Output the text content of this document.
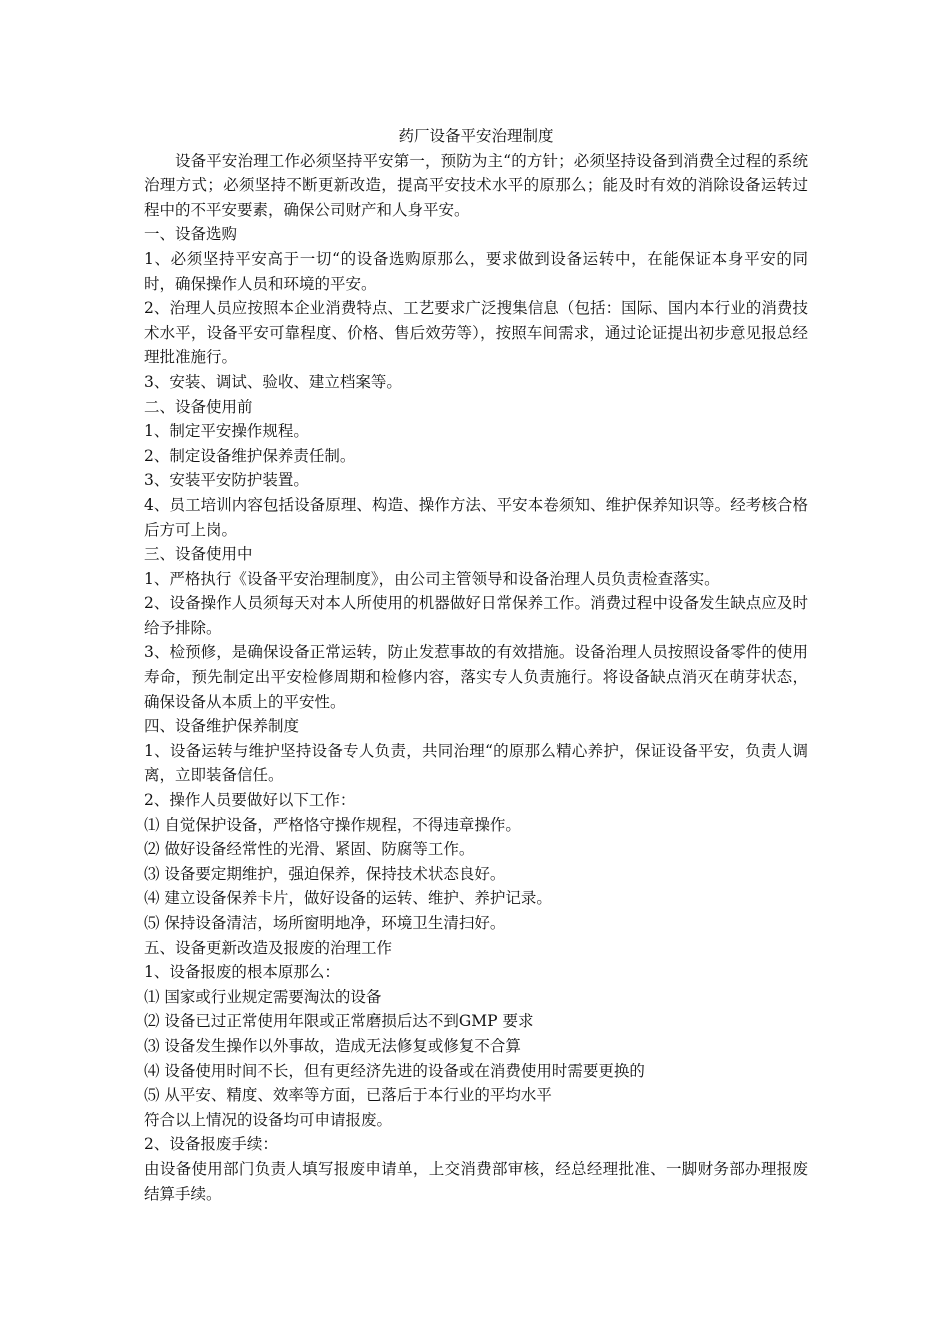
药厂设备平安治理制度

设备平安治理工作必须坚持平安第一，预防为主“的方针；必须坚持设备到消费全过程的系统治理方式；必须坚持不断更新改造，提高平安技术水平的原那么；能及时有效的消除设备运转过程中的不平安要素，确保公司财产和人身平安。

一、设备选购

1、必须坚持平安高于一切“的设备选购原那么，要求做到设备运转中，在能保证本身平安的同时，确保操作人员和环境的平安。

2、治理人员应按照本企业消费特点、工艺要求广泛搜集信息（包括：国际、国内本行业的消费技术水平，设备平安可靠程度、价格、售后效劳等），按照车间需求，通过论证提出初步意见报总经理批准施行。

3、安装、调试、验收、建立档案等。

二、设备使用前

1、制定平安操作规程。

2、制定设备维护保养责任制。

3、安装平安防护装置。

4、员工培训内容包括设备原理、构造、操作方法、平安本卷须知、维护保养知识等。经考核合格后方可上岗。

三、设备使用中

1、严格执行《设备平安治理制度》，由公司主管领导和设备治理人员负责检查落实。

2、设备操作人员须每天对本人所使用的机器做好日常保养工作。消费过程中设备发生缺点应及时给予排除。

3、检预修，是确保设备正常运转，防止发惹事故的有效措施。设备治理人员按照设备零件的使用寿命，预先制定出平安检修周期和检修内容，落实专人负责施行。将设备缺点消灭在萌芽状态，确保设备从本质上的平安性。

四、设备维护保养制度

1、设备运转与维护坚持设备专人负责，共同治理“的原那么精心养护，保证设备平安，负责人调离，立即装备信任。

2、操作人员要做好以下工作：

⑴ 自觉保护设备，严格恪守操作规程，不得违章操作。

⑵ 做好设备经常性的光滑、紧固、防腐等工作。

⑶ 设备要定期维护，强迫保养，保持技术状态良好。

⑷ 建立设备保养卡片，做好设备的运转、维护、养护记录。

⑸ 保持设备清洁，场所窗明地净，环境卫生清扫好。

五、设备更新改造及报废的治理工作

1、设备报废的根本原那么：

⑴ 国家或行业规定需要淘汰的设备

⑵ 设备已过正常使用年限或正常磨损后达不到GMP 要求

⑶ 设备发生操作以外事故，造成无法修复或修复不合算

⑷ 设备使用时间不长，但有更经济先进的设备或在消费使用时需要更换的

⑸ 从平安、精度、效率等方面，已落后于本行业的平均水平

符合以上情况的设备均可申请报废。

2、设备报废手续：

由设备使用部门负责人填写报废申请单，上交消费部审核，经总经理批准、一脚财务部办理报废结算手续。
